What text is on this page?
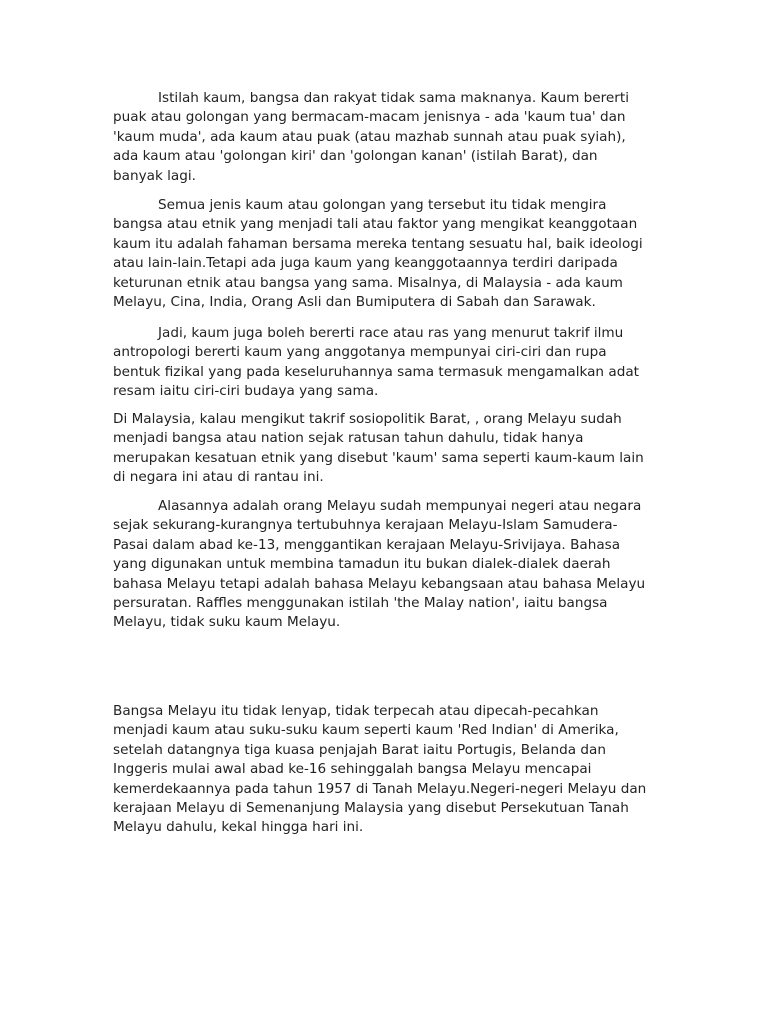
Istilah kaum, bangsa dan rakyat tidak sama maknanya. Kaum bererti
puak atau golongan yang bermacam-macam jenisnya - ada 'kaum tua' dan
'kaum muda', ada kaum atau puak (atau mazhab sunnah atau puak syiah),
ada kaum atau 'golongan kiri' dan 'golongan kanan' (istilah Barat), dan
banyak lagi.
Semua jenis kaum atau golongan yang tersebut itu tidak mengira
bangsa atau etnik yang menjadi tali atau faktor yang mengikat keanggotaan
kaum itu adalah fahaman bersama mereka tentang sesuatu hal, baik ideologi
atau lain-lain.Tetapi ada juga kaum yang keanggotaannya terdiri daripada
keturunan etnik atau bangsa yang sama. Misalnya, di Malaysia - ada kaum
Melayu, Cina, India, Orang Asli dan Bumiputera di Sabah dan Sarawak.
Jadi, kaum juga boleh bererti race atau ras yang menurut takrif ilmu
antropologi bererti kaum yang anggotanya mempunyai ciri-ciri dan rupa
bentuk fizikal yang pada keseluruhannya sama termasuk mengamalkan adat
resam iaitu ciri-ciri budaya yang sama.
Di Malaysia, kalau mengikut takrif sosiopolitik Barat, , orang Melayu sudah
menjadi bangsa atau nation sejak ratusan tahun dahulu, tidak hanya
merupakan kesatuan etnik yang disebut 'kaum' sama seperti kaum-kaum lain
di negara ini atau di rantau ini.
Alasannya adalah orang Melayu sudah mempunyai negeri atau negara
sejak sekurang-kurangnya tertubuhnya kerajaan Melayu-Islam Samudera-
Pasai dalam abad ke-13, menggantikan kerajaan Melayu-Srivijaya. Bahasa
yang digunakan untuk membina tamadun itu bukan dialek-dialek daerah
bahasa Melayu tetapi adalah bahasa Melayu kebangsaan atau bahasa Melayu
persuratan. Raffles menggunakan istilah 'the Malay nation', iaitu bangsa
Melayu, tidak suku kaum Melayu.
Bangsa Melayu itu tidak lenyap, tidak terpecah atau dipecah-pecahkan
menjadi kaum atau suku-suku kaum seperti kaum 'Red Indian' di Amerika,
setelah datangnya tiga kuasa penjajah Barat iaitu Portugis, Belanda dan
Inggeris mulai awal abad ke-16 sehinggalah bangsa Melayu mencapai
kemerdekaannya pada tahun 1957 di Tanah Melayu.Negeri-negeri Melayu dan
kerajaan Melayu di Semenanjung Malaysia yang disebut Persekutuan Tanah
Melayu dahulu, kekal hingga hari ini.
